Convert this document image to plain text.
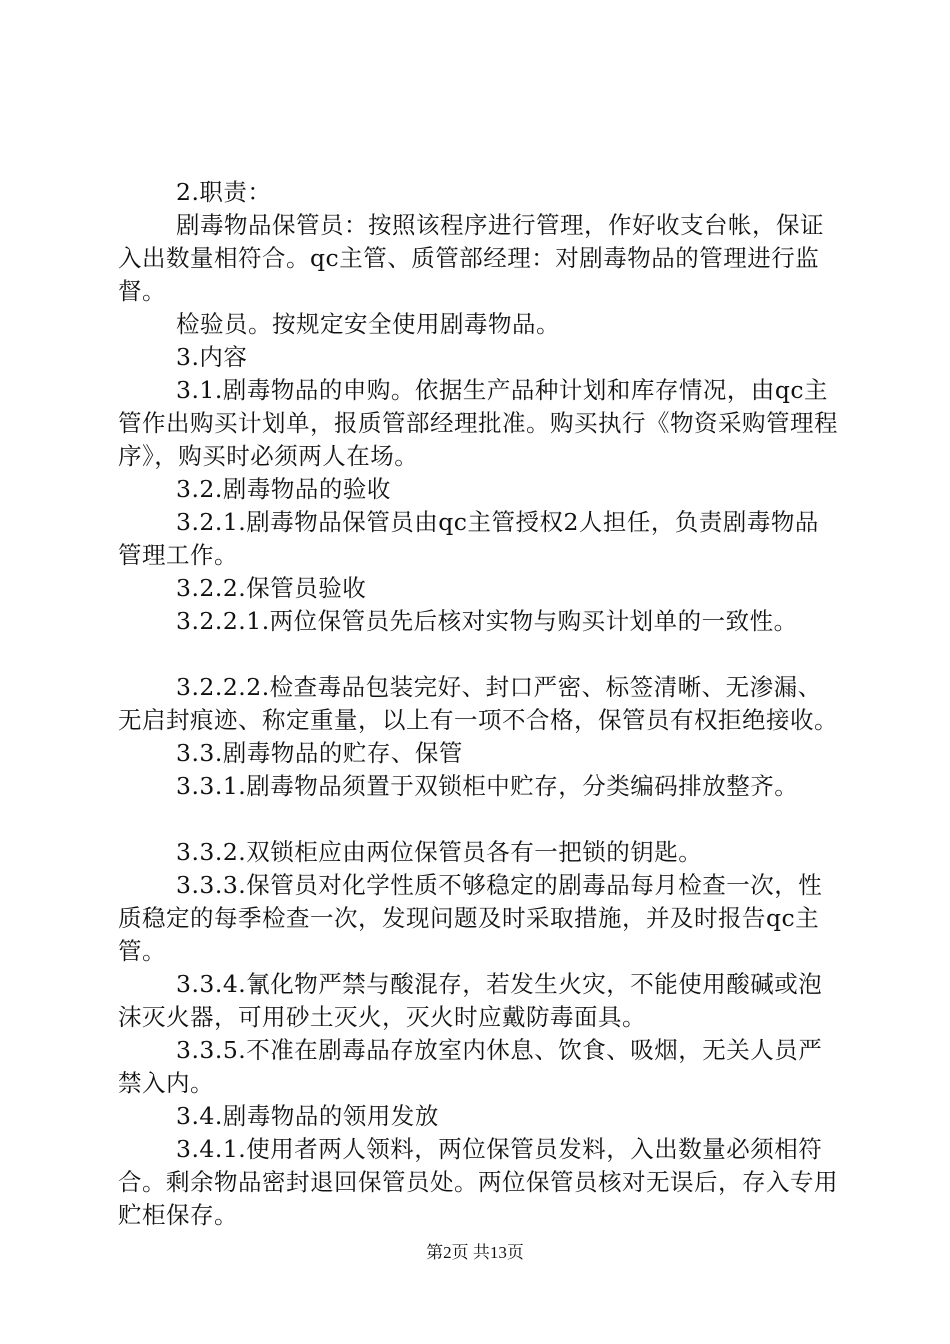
2.职责：

剧毒物品保管员：按照该程序进行管理，作好收支台帐，保证入出数量相符合。qc主管、质管部经理：对剧毒物品的管理进行监督。

检验员。按规定安全使用剧毒物品。

3.内容

3.1.剧毒物品的申购。依据生产品种计划和库存情况，由qc主管作出购买计划单，报质管部经理批准。购买执行《物资采购管理程序》，购买时必须两人在场。

3.2.剧毒物品的验收

3.2.1.剧毒物品保管员由qc主管授权2人担任，负责剧毒物品管理工作。

3.2.2.保管员验收

3.2.2.1.两位保管员先后核对实物与购买计划单的一致性。

3.2.2.2.检查毒品包装完好、封口严密、标签清晰、无渗漏、无启封痕迹、称定重量，以上有一项不合格，保管员有权拒绝接收。

3.3.剧毒物品的贮存、保管

3.3.1.剧毒物品须置于双锁柜中贮存，分类编码排放整齐。

3.3.2.双锁柜应由两位保管员各有一把锁的钥匙。

3.3.3.保管员对化学性质不够稳定的剧毒品每月检查一次，性质稳定的每季检查一次，发现问题及时采取措施，并及时报告qc主管。

3.3.4.氰化物严禁与酸混存，若发生火灾，不能使用酸碱或泡沫灭火器，可用砂土灭火，灭火时应戴防毒面具。

3.3.5.不准在剧毒品存放室内休息、饮食、吸烟，无关人员严禁入内。

3.4.剧毒物品的领用发放

3.4.1.使用者两人领料，两位保管员发料，入出数量必须相符合。剩余物品密封退回保管员处。两位保管员核对无误后，存入专用贮柜保存。

第2页 共13页
